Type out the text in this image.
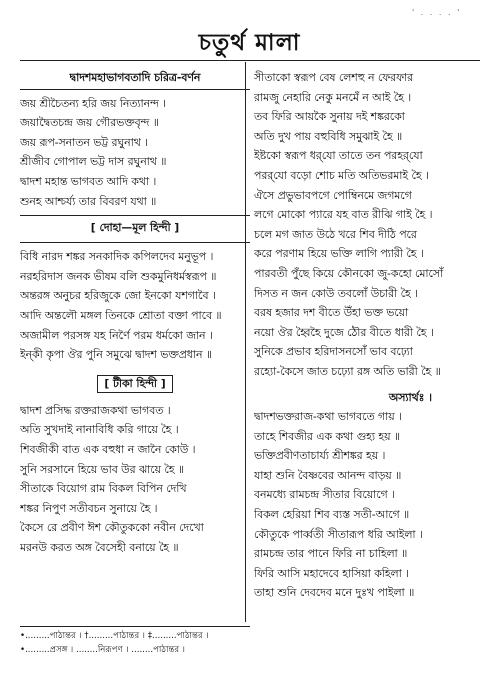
' . . . . '
চতুর্থ মালা
দ্বাদশমহাভাগবতাদি চরিত্র-বর্ণন
জয় শ্রীচৈতন্য হরি জয় নিত্যানন্দ ।
জয়াদ্বৈতচন্দ্র জয় গৌরভক্তবৃন্দ ॥
জয় রূপ-সনাতন ভট্ট রঘুনাথ ।
শ্রীজীব গোপাল ভট্ট দাস রঘুনাথ ॥
দ্বাদশ মহান্ত ভাগবত আদি কথা ।
শুনহ আশ্চর্য্য তার বিবরণ যথা ॥
[ দোহা—মূল হিন্দী ]
বিধি নারদ শঙ্কর সনকাদিক কপিলদেব মনুভূপ ।
নরহরিদাস জনক ভীষম বলি শুকমুনিধর্মস্বরূপ ॥
অন্তরঙ্গ অনুচর হরিজুকে জো ইনকো যশগাবৈ ।
আদি অন্তলৌ মঙ্গল তিনকে শ্রোতা বক্তা পাবে ॥
অজামীল পরসঙ্গ যহ নির্ণৈ পরম ধর্মকো জান ।
ইন্‌কী কৃপা ঔর পুনি সমুঝে দ্বাদশ ভক্তপ্রধান ॥
[ টীকা হিন্দী ]
দ্বাদশ প্রসিদ্ধ রক্তরাজকথা ভাগবত ।
অতি সুখদাই নানাবিধি করি গায়ে হৈ ।
শিবজীকী বাত এক বহুধা ন জানৈ কোউ ।
সুনি সরসানে হিয়ে ভাব উর ঝায়ে হৈ ॥
সীতাকে বিয়োগ রাম বিকল বিপিন দেখি
শঙ্কর নিপুণ সতীবচন সুনায়ে হৈ ।
কৈসে রে প্রবীণ ঈশ কৌতুককো নবীন দেখো
মরনউ করত অঙ্গ বৈসেহী বনায়ে হৈ ॥
•.........পাঠান্তর । †.........পাঠান্তর । ‡.........পাঠান্তর ।
•.........প্রসঙ্গ । ........নিরূপণ । ........পাঠান্তর ।
সীতাকো স্বরূপ বেষ লেশহু ন ফেরফার
রামজু নেহারি নেকু মনমেঁ ন আই হৈ ।
তব ফিরি আয়কৈ সুনায় দই শঙ্করকো
অতি দুখ পায় বহুবিধি সমুঝাই হৈ ॥
ইষ্টকো স্বরূপ ধর্‌যো তাতে তন পরহর্‌যো
পরর্‌যো বড়ো শোচ মতি অতিভরমাই হৈ ।
ঐসে প্রভুভাবপগে পোম্বিনমে জগমগে
লগে মোকো প্যারে যহ বাত রীঝি গাই হৈ ।
চলে মগ জাত উঠে খরে শিব দীঠি পরে
করে পরণাম হিয়ে ভক্তি লাগি প্যারী হৈ ।
পারবতী পুঁছে কিয়ে কৌনকো জু-কহো মোসোঁ
দিসত ন জন কোউ তবলোঁ উচারী হৈ ।
বরষ হজার দশ বীতে উঁহা ভক্ত ভয়ো
নয়ো ঔর হ্বৈহৈ দুজে ঠৌর বীতে ধারী হৈ ।
সুনিকে প্রভাব হরিদাসনসোঁ ভাব বঢ়্যো
রহ্যো-কৈসে জাত চঢ়্যো রঙ্গ অতি ভারী হৈ ॥
অস্যার্থঃ ।
দ্বাদশভক্তরাজ-কথা ভাগবতে গায় ।
তাহে শিবজীর এক কথা গুহ্য হয় ॥
ভক্তিপ্রবীণতাচার্য্য শ্রীশঙ্কর হয় ।
যাহা শুনি বৈষ্ণবের আনন্দ বাড়য় ॥
বনমধ্যে রামচন্দ্র সীতার বিয়োগে ।
বিকল হেরিয়া শিব ব্যস্ত সতী-আগে ॥
কৌতুকে পার্ব্বতী সীতারূপ ধরি আইলা ।
রামচন্দ্র তার পানে ফিরি না চাহিলা ॥
ফিরি আসি মহাদেবে হাসিয়া কহিলা ।
তাহা শুনি দেবদেব মনে দুঃখ পাইলা ॥
